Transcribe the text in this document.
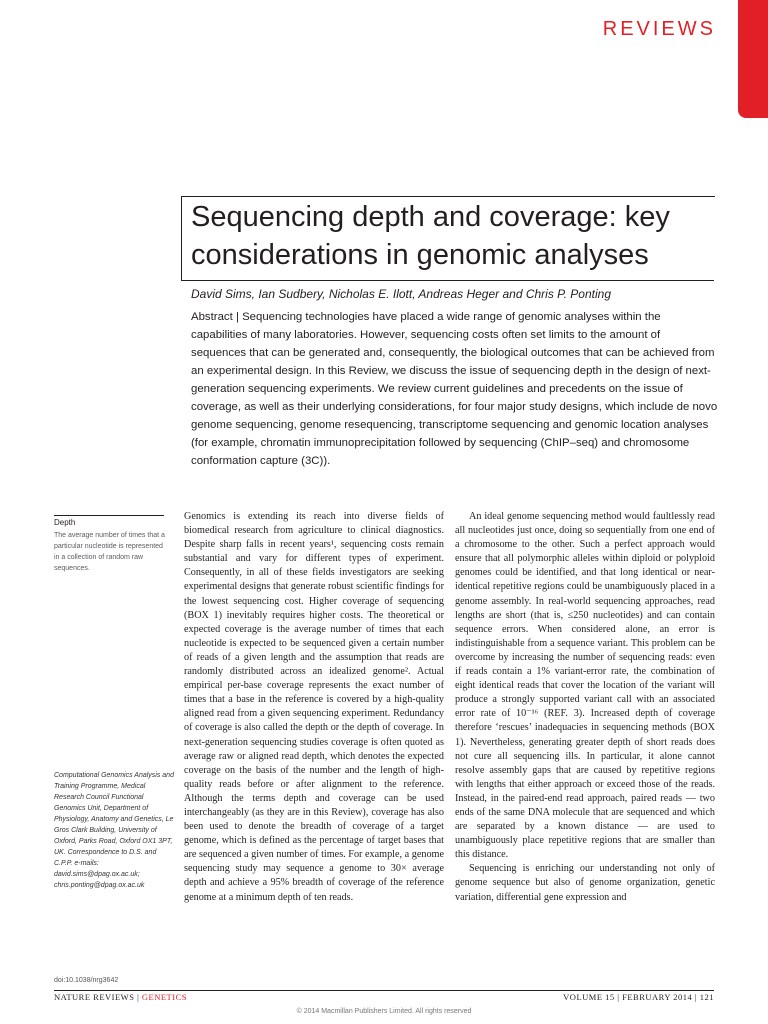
REVIEWS
Sequencing depth and coverage: key considerations in genomic analyses
David Sims, Ian Sudbery, Nicholas E. Ilott, Andreas Heger and Chris P. Ponting
Abstract | Sequencing technologies have placed a wide range of genomic analyses within the capabilities of many laboratories. However, sequencing costs often set limits to the amount of sequences that can be generated and, consequently, the biological outcomes that can be achieved from an experimental design. In this Review, we discuss the issue of sequencing depth in the design of next-generation sequencing experiments. We review current guidelines and precedents on the issue of coverage, as well as their underlying considerations, for four major study designs, which include de novo genome sequencing, genome resequencing, transcriptome sequencing and genomic location analyses (for example, chromatin immunoprecipitation followed by sequencing (ChIP–seq) and chromosome conformation capture (3C)).
Depth
The average number of times that a particular nucleotide is represented in a collection of random raw sequences.
Computational Genomics Analysis and Training Programme, Medical Research Council Functional Genomics Unit, Department of Physiology, Anatomy and Genetics, Le Gros Clark Building, University of Oxford, Parks Road, Oxford OX1 3PT, UK. Correspondence to D.S. and C.P.P. e-mails: david.sims@dpag.ox.ac.uk; chris.ponting@dpag.ox.ac.uk
doi:10.1038/nrg3642

Genomics is extending its reach into diverse fields of biomedical research from agriculture to clinical diagnostics. Despite sharp falls in recent years¹, sequencing costs remain substantial and vary for different types of experiment. Consequently, in all of these fields investigators are seeking experimental designs that generate robust scientific findings for the lowest sequencing cost. Higher coverage of sequencing (BOX 1) inevitably requires higher costs. The theoretical or expected coverage is the average number of times that each nucleotide is expected to be sequenced given a certain number of reads of a given length and the assumption that reads are randomly distributed across an idealized genome². Actual empirical per-base coverage represents the exact number of times that a base in the reference is covered by a high-quality aligned read from a given sequencing experiment. Redundancy of coverage is also called the depth or the depth of coverage. In next-generation sequencing studies coverage is often quoted as average raw or aligned read depth, which denotes the expected coverage on the basis of the number and the length of high-quality reads before or after alignment to the reference. Although the terms depth and coverage can be used interchangeably (as they are in this Review), coverage has also been used to denote the breadth of coverage of a target genome, which is defined as the percentage of target bases that are sequenced a given number of times. For example, a genome sequencing study may sequence a genome to 30× average depth and achieve a 95% breadth of coverage of the reference genome at a minimum depth of ten reads.

An ideal genome sequencing method would faultlessly read all nucleotides just once, doing so sequentially from one end of a chromosome to the other. Such a perfect approach would ensure that all polymorphic alleles within diploid or polyploid genomes could be identified, and that long identical or near-identical repetitive regions could be unambiguously placed in a genome assembly. In real-world sequencing approaches, read lengths are short (that is, ≤250 nucleotides) and can contain sequence errors. When considered alone, an error is indistinguishable from a sequence variant. This problem can be overcome by increasing the number of sequencing reads: even if reads contain a 1% variant-error rate, the combination of eight identical reads that cover the location of the variant will produce a strongly supported variant call with an associated error rate of 10⁻¹⁶ (REF. 3). Increased depth of coverage therefore ‘rescues’ inadequacies in sequencing methods (BOX 1). Nevertheless, generating greater depth of short reads does not cure all sequencing ills. In particular, it alone cannot resolve assembly gaps that are caused by repetitive regions with lengths that either approach or exceed those of the reads. Instead, in the paired-end read approach, paired reads — two ends of the same DNA molecule that are sequenced and which are separated by a known distance — are used to unambiguously place repetitive regions that are smaller than this distance.

Sequencing is enriching our understanding not only of genome sequence but also of genome organization, genetic variation, differential gene expression and

NATURE REVIEWS | GENETICS	VOLUME 15 | FEBRUARY 2014 | 121
© 2014 Macmillan Publishers Limited. All rights reserved
